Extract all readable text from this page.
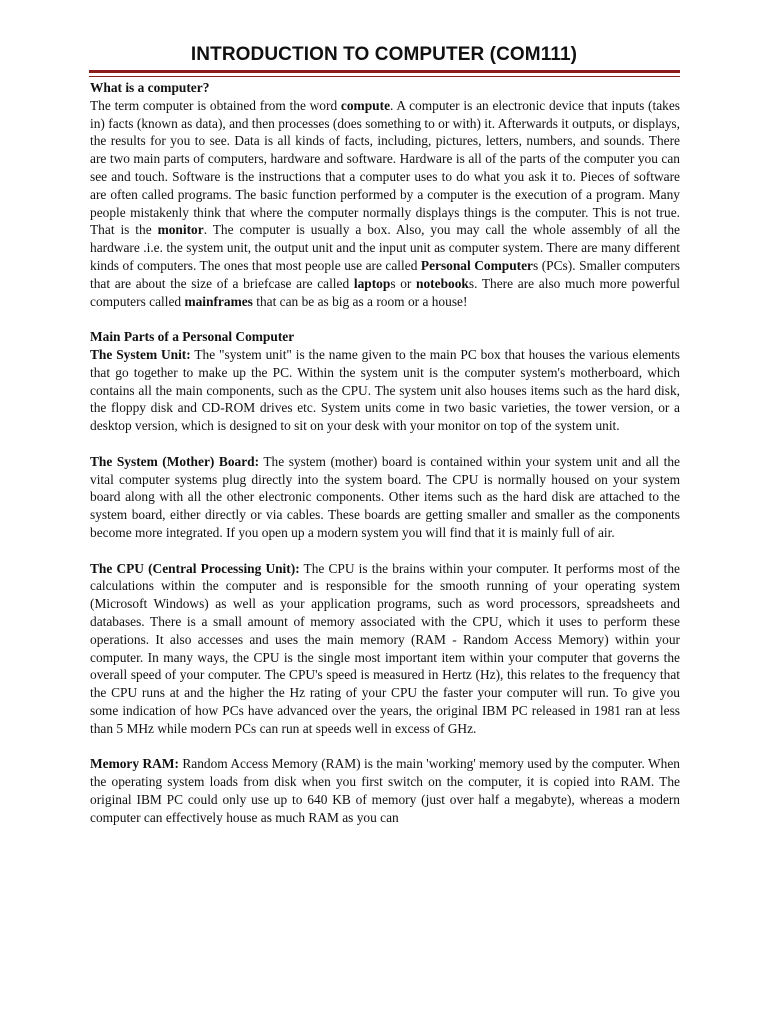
INTRODUCTION TO COMPUTER (COM111)

What is a computer?

The term computer is obtained from the word compute. A computer is an electronic device that inputs (takes in) facts (known as data), and then processes (does something to or with) it. Afterwards it outputs, or displays, the results for you to see. Data is all kinds of facts, including, pictures, letters, numbers, and sounds. There are two main parts of computers, hardware and software. Hardware is all of the parts of the computer you can see and touch. Software is the instructions that a computer uses to do what you ask it to. Pieces of software are often called programs. The basic function performed by a computer is the execution of a program. Many people mistakenly think that where the computer normally displays things is the computer. This is not true. That is the monitor. The computer is usually a box. Also, you may call the whole assembly of all the hardware .i.e. the system unit, the output unit and the input unit as computer system. There are many different kinds of computers. The ones that most people use are called Personal Computers (PCs). Smaller computers that are about the size of a briefcase are called laptops or notebooks. There are also much more powerful computers called mainframes that can be as big as a room or a house!

Main Parts of a Personal Computer

The System Unit: The "system unit" is the name given to the main PC box that houses the various elements that go together to make up the PC. Within the system unit is the computer system's motherboard, which contains all the main components, such as the CPU. The system unit also houses items such as the hard disk, the floppy disk and CD-ROM drives etc. System units come in two basic varieties, the tower version, or a desktop version, which is designed to sit on your desk with your monitor on top of the system unit.

The System (Mother) Board: The system (mother) board is contained within your system unit and all the vital computer systems plug directly into the system board. The CPU is normally housed on your system board along with all the other electronic components. Other items such as the hard disk are attached to the system board, either directly or via cables. These boards are getting smaller and smaller as the components become more integrated. If you open up a modern system you will find that it is mainly full of air.

The CPU (Central Processing Unit): The CPU is the brains within your computer. It performs most of the calculations within the computer and is responsible for the smooth running of your operating system (Microsoft Windows) as well as your application programs, such as word processors, spreadsheets and databases. There is a small amount of memory associated with the CPU, which it uses to perform these operations. It also accesses and uses the main memory (RAM - Random Access Memory) within your computer. In many ways, the CPU is the single most important item within your computer that governs the overall speed of your computer. The CPU's speed is measured in Hertz (Hz), this relates to the frequency that the CPU runs at and the higher the Hz rating of your CPU the faster your computer will run. To give you some indication of how PCs have advanced over the years, the original IBM PC released in 1981 ran at less than 5 MHz while modern PCs can run at speeds well in excess of GHz.

Memory RAM: Random Access Memory (RAM) is the main 'working' memory used by the computer. When the operating system loads from disk when you first switch on the computer, it is copied into RAM. The original IBM PC could only use up to 640 KB of memory (just over half a megabyte), whereas a modern computer can effectively house as much RAM as you can
